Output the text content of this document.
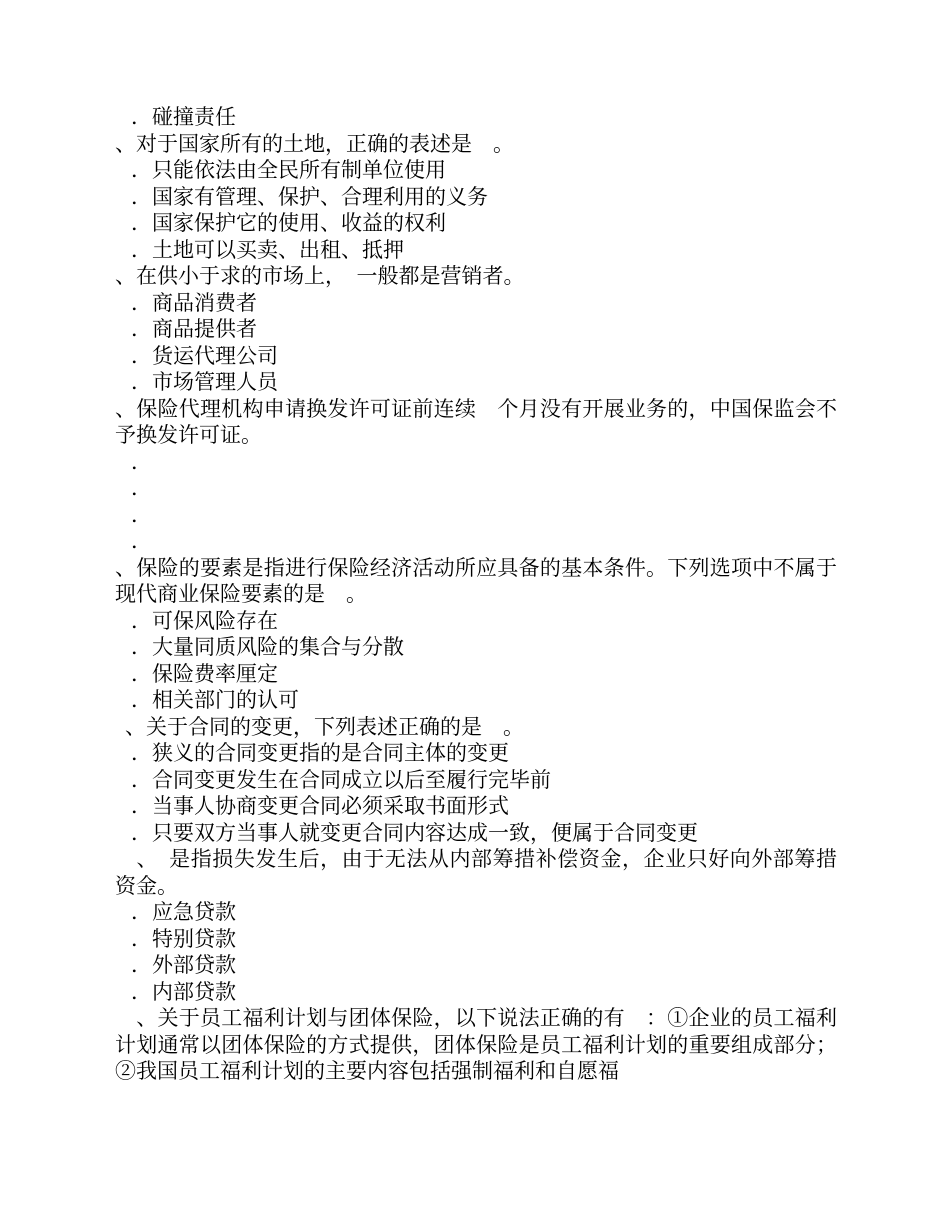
．碰撞责任

、对于国家所有的土地，正确的表述是　。

．只能依法由全民所有制单位使用

．国家有管理、保护、合理利用的义务

．国家保护它的使用、收益的权利

．土地可以买卖、出租、抵押

、在供小于求的市场上，　一般都是营销者。

．商品消费者

．商品提供者

．货运代理公司

．市场管理人员

、保险代理机构申请换发许可证前连续　个月没有开展业务的，中国保监会不予换发许可证。

．

．

．

．

、保险的要素是指进行保险经济活动所应具备的基本条件。下列选项中不属于现代商业保险要素的是　。

．可保风险存在

．大量同质风险的集合与分散

．保险费率厘定

．相关部门的认可

、关于合同的变更，下列表述正确的是　。

．狭义的合同变更指的是合同主体的变更

．合同变更发生在合同成立以后至履行完毕前

．当事人协商变更合同必须采取书面形式

．只要双方当事人就变更合同内容达成一致，便属于合同变更

　、　是指损失发生后，由于无法从内部筹措补偿资金，企业只好向外部筹措资金。

．应急贷款

．特别贷款

．外部贷款

．内部贷款

　、关于员工福利计划与团体保险，以下说法正确的有　：①企业的员工福利计划通常以团体保险的方式提供，团体保险是员工福利计划的重要组成部分；②我国员工福利计划的主要内容包括强制福利和自愿福
